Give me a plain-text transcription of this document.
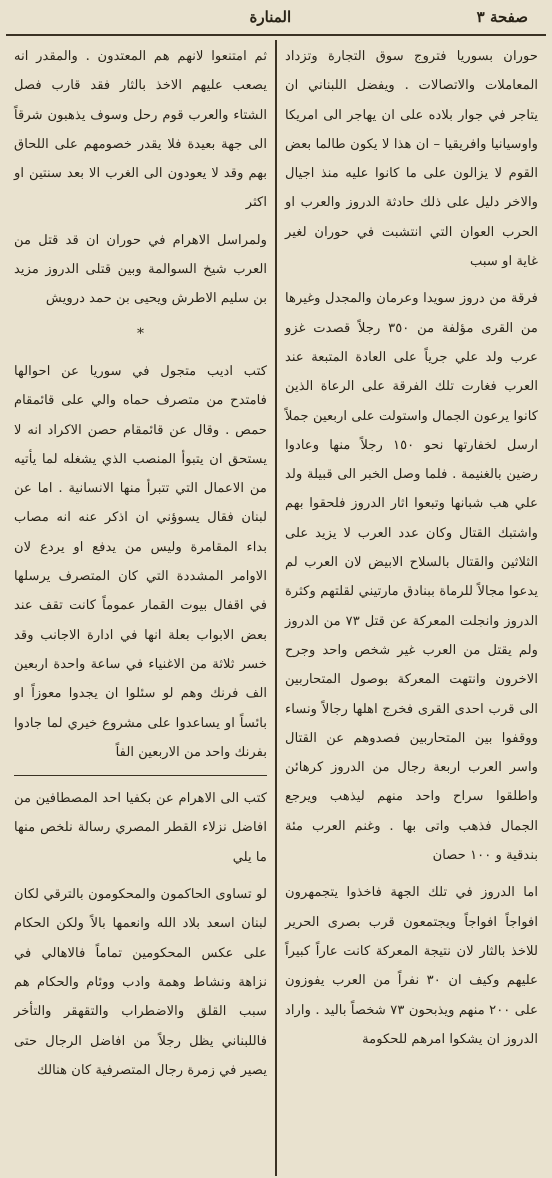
صفحة ٣
المنارة

حوران بسوريا فتروج سوق التجارة وتزداد المعاملات والاتصالات . ويفضل اللبناني ان يتاجر في جوار بلاده على ان يهاجر الى امريكا واوسيانيا وافريقيا – ان هذا لا يكون طالما بعض القوم لا يزالون على ما كانوا عليه منذ اجيال والاخر دليل على ذلك حادثة الدروز والعرب او الحرب العوان التي انتشبت في حوران لغير غاية او سبب

فرقة من دروز سويدا وعرمان والمجدل وغيرها من القرى مؤلفة من ٣٥٠ رجلاً قصدت غزو عرب ولد علي جرياً على العادة المتبعة عند العرب فغارت تلك الفرقة على الرعاة الذين كانوا يرعون الجمال واستولت على اربعين جملاً ارسل لخفارتها نحو ١٥٠ رجلاً منها وعادوا رضين بالغنيمة . فلما وصل الخبر الى قبيلة ولد علي هب شبانها وتبعوا اثار الدروز فلحقوا بهم واشتبك القتال وكان عدد العرب لا يزيد على الثلاثين والقتال بالسلاح الابيض لان العرب لم يدعوا مجالاً للرماة ببنادق مارتيني لقلتهم وكثرة الدروز وانجلت المعركة عن قتل ٧٣ من الدروز ولم يقتل من العرب غير شخص واحد وجرح الاخرون وانتهت المعركة بوصول المتحاربين الى قرب احدى القرى فخرج اهلها رجالاً ونساء ووقفوا بين المتحاربين فصدوهم عن القتال واسر العرب اربعة رجال من الدروز كرهائن واطلقوا سراح واحد منهم ليذهب ويرجع الجمال فذهب واتى بها . وغنم العرب مئة بندقية و ١٠٠ حصان

اما الدروز في تلك الجهة فاخذوا يتجمهرون افواجاً افواجاً ويجتمعون قرب بصرى الحرير للاخذ بالثار لان نتيجة المعركة كانت عاراً كبيراً عليهم وكيف ان ٣٠ نفراً من العرب يفوزون على ٢٠٠ منهم ويذبحون ٧٣ شخصاً باليد . واراد الدروز ان يشكوا امرهم للحكومة

ثم امتنعوا لانهم هم المعتدون . والمقدر انه يصعب عليهم الاخذ بالثار فقد قارب فصل الشتاء والعرب قوم رحل وسوف يذهبون شرقاً الى جهة بعيدة فلا يقدر خصومهم على اللحاق بهم وقد لا يعودون الى الغرب الا بعد سنتين او اكثر

ولمراسل الاهرام في حوران ان قد قتل من العرب شيخ السوالمة وبين قتلى الدروز مزيد بن سليم الاطرش ويحيى بن حمد درويش

*

كتب اديب متجول في سوريا عن احوالها فامتدح من متصرف حماه والي على قائمقام حمص . وقال عن قائمقام حصن الاكراد انه لا يستحق ان يتبوأ المنصب الذي يشغله لما يأتيه من الاعمال التي تتبرأ منها الانسانية . اما عن لبنان فقال يسوؤني ان اذكر عنه انه مصاب بداء المقامرة وليس من يدفع او يردع لان الاوامر المشددة التي كان المتصرف يرسلها في اقفال بيوت القمار عموماً كانت تقف عند بعض الابواب بعلة انها في ادارة الاجانب وقد خسر ثلاثة من الاغنياء في ساعة واحدة اربعين الف فرنك وهم لو سئلوا ان يجدوا معوزاً او بائساً او يساعدوا على مشروع خيري لما جادوا بفرنك واحد من الاربعين الفاً

كتب الى الاهرام عن بكفيا احد المصطافين من افاضل نزلاء القطر المصري رسالة نلخص منها ما يلي

لو تساوى الحاكمون والمحكومون بالترقي لكان لبنان اسعد بلاد الله وانعمها بالاً ولكن الحكام على عكس المحكومين تماماً فالاهالي في نزاهة ونشاط وهمة وادب ووئام والحكام هم سبب القلق والاضطراب والتقهقر والتأخر فاللبناني يظل رجلاً من افاضل الرجال حتى يصير في زمرة رجال المتصرفية كان هنالك
